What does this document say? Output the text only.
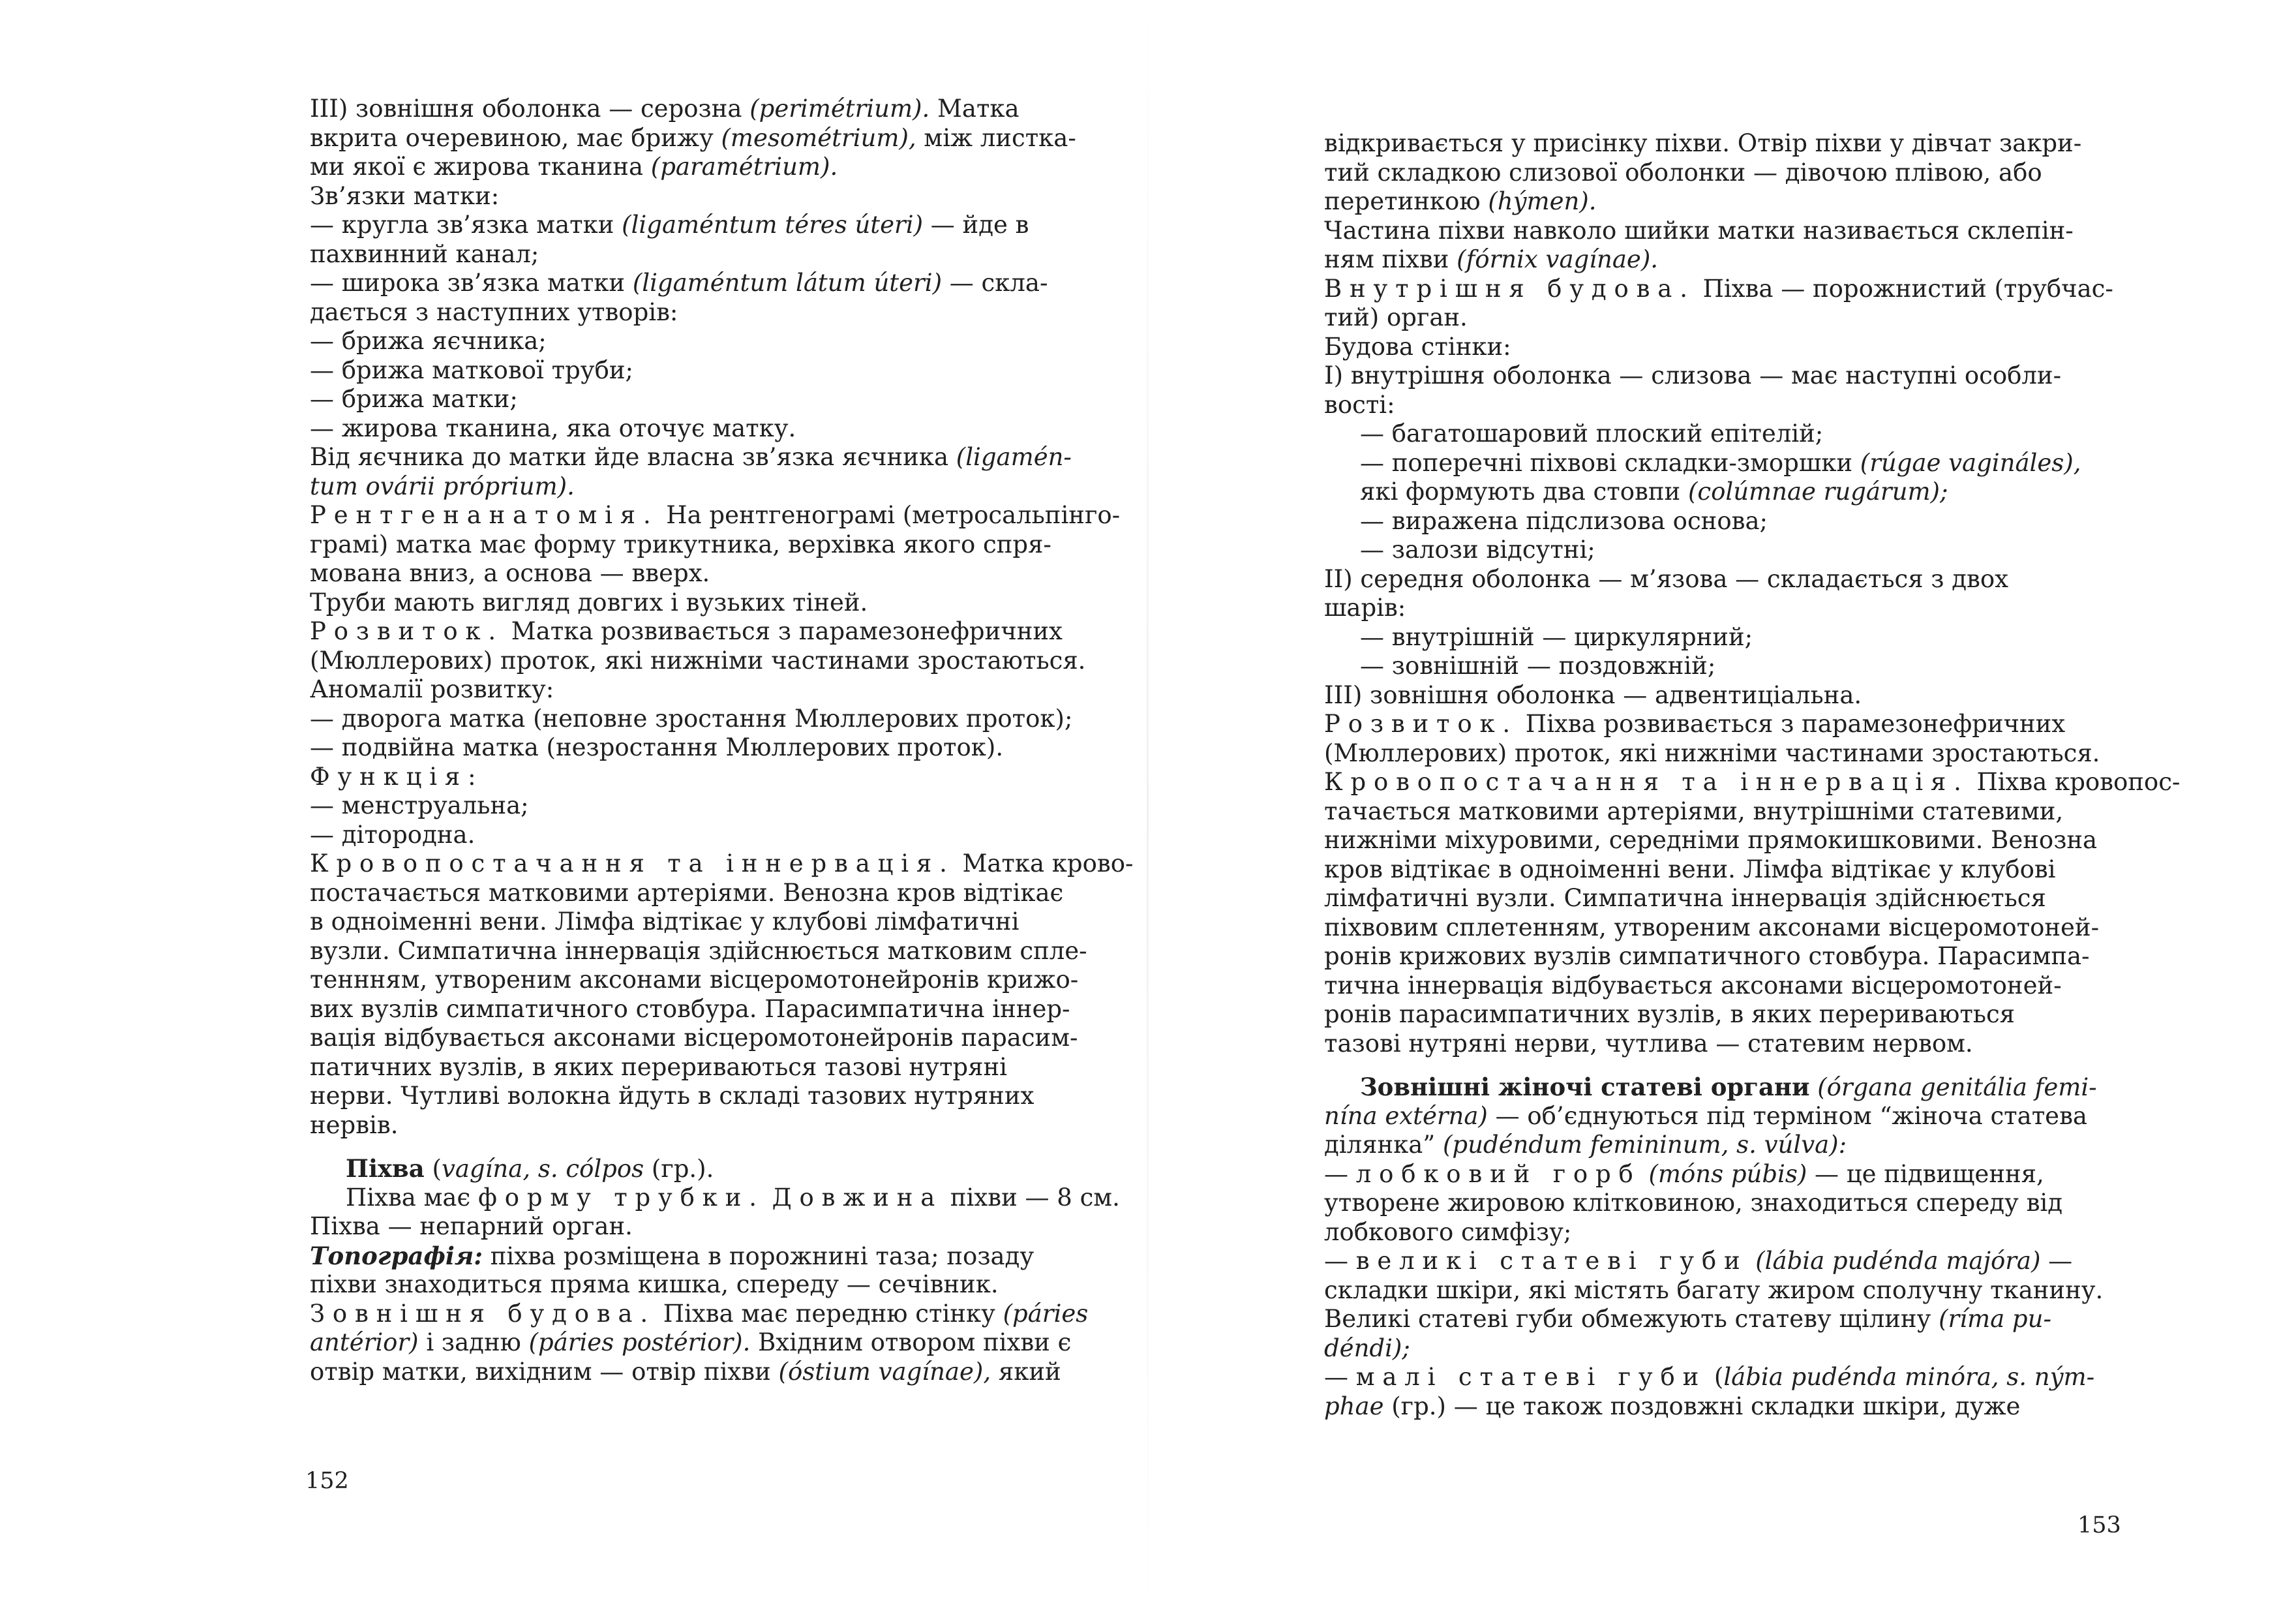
III) зовнішня оболонка — серозна (perimétrium). Матка
вкрита очеревиною, має брижу (mesométrium), між листка-
ми якої є жирова тканина (paramétrium).
Зв’язки матки:
— кругла зв’язка матки (ligaméntum téres úteri) — йде в
пахвинний канал;
— широка зв’язка матки (ligaméntum látum úteri) — скла-
дається з наступних утворів:
— брижа яєчника;
— брижа маткової труби;
— брижа матки;
— жирова тканина, яка оточує матку.
Від яєчника до матки йде власна зв’язка яєчника (ligamén-
tum ovárii próprium).
Рентгенанатомія. На рентгенограмі (метросальпінго-
грамі) матка має форму трикутника, верхівка якого спря-
мована вниз, а основа — вверх.
Труби мають вигляд довгих і вузьких тіней.
Розвиток. Матка розвивається з парамезонефричних
(Мюллерових) проток, які нижніми частинами зростаються.
Аномалії розвитку:
— дворога матка (неповне зростання Мюллерових проток);
— подвійна матка (незростання Мюллерових проток).
Функція:
— менструальна;
— дітородна.
Кровопостачання та іннервація. Матка крово-
постачається матковими артеріями. Венозна кров відтікає
в одноіменні вени. Лімфа відтікає у клубові лімфатичні
вузли. Симпатична іннервація здійснюється матковим спле-
теннням, утвореним аксонами вісцеромотонейронів крижо-
вих вузлів симпатичного стовбура. Парасимпатична іннер-
вація відбувається аксонами вісцеромотонейронів парасим-
патичних вузлів, в яких перериваються тазові нутряні
нерви. Чутливі волокна йдуть в складі тазових нутряних
нервів.
Піхва (vagína, s. cólpos (гр.).
Піхва має форму трубки. Довжина піхви — 8 см.
Піхва — непарний орган.
Топографія: піхва розміщена в порожнині таза; позаду
піхви знаходиться пряма кишка, спереду — сечівник.
Зовнішня будова. Піхва має передню стінку (páries
antérior) і задню (páries postérior). Вхідним отвором піхви є
отвір матки, вихідним — отвір піхви (óstium vagínae), який
152
відкривається у присінку піхви. Отвір піхви у дівчат закри-
тий складкою слизової оболонки — дівочою плівою, або
перетинкою (hýmen).
Частина піхви навколо шийки матки називається склепін-
ням піхви (fórnix vagínae).
Внутрішня будова. Піхва — порожнистий (трубчас-
тий) орган.
Будова стінки:
I) внутрішня оболонка — слизова — має наступні особли-
вості:
— багатошаровий плоский епітелій;
— поперечні піхвові складки-зморшки (rúgae vagináles),
які формують два стовпи (colúmnae rugárum);
— виражена підслизова основа;
— залози відсутні;
II) середня оболонка — м’язова — складається з двох
шарів:
— внутрішній — циркулярний;
— зовнішній — поздовжній;
III) зовнішня оболонка — адвентиціальна.
Розвиток. Піхва розвивається з парамезонефричних
(Мюллерових) проток, які нижніми частинами зростаються.
Кровопостачання та іннервація. Піхва кровопос-
тачається матковими артеріями, внутрішніми статевими,
нижніми міхуровими, середніми прямокишковими. Венозна
кров відтікає в одноіменні вени. Лімфа відтікає у клубові
лімфатичні вузли. Симпатична іннервація здійснюється
піхвовим сплетенням, утвореним аксонами вісцеромотоней-
ронів крижових вузлів симпатичного стовбура. Парасимпа-
тична іннервація відбувається аксонами вісцеромотоней-
ронів парасимпатичних вузлів, в яких перериваються
тазові нутряні нерви, чутлива — статевим нервом.
Зовнішні жіночі статеві органи (órgana genitália femi-
nína extérna) — об’єднуються під терміном “жіноча статева
ділянка” (pudéndum femininum, s. vúlva):
— лобковий горб (móns púbis) — це підвищення,
утворене жировою клітковиною, знаходиться спереду від
лобкового симфізу;
— великі статеві губи (lábia pudénda majóra) —
складки шкіри, які містять багату жиром сполучну тканину.
Великі статеві губи обмежують статеву щілину (ríma pu-
déndi);
— малі статеві губи (lábia pudénda minóra, s. ným-
phae (гр.) — це також поздовжні складки шкіри, дуже
153
